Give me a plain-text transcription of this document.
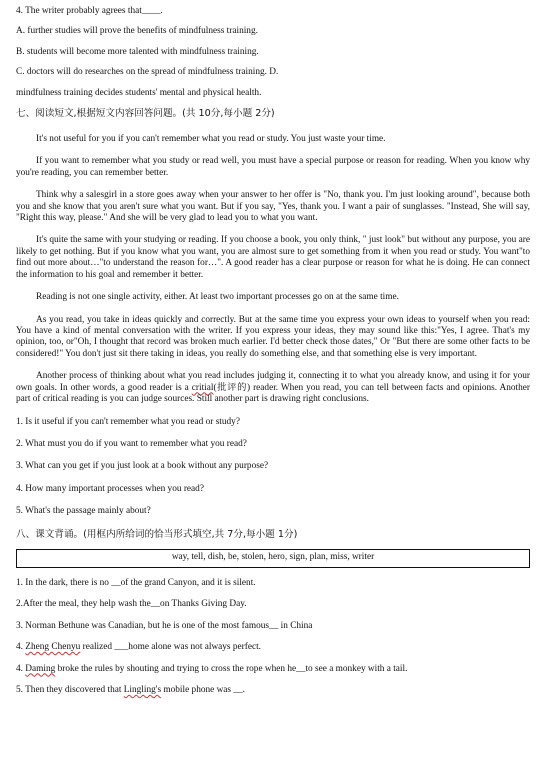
4. The writer probably agrees that____.

A. further studies will prove the benefits of mindfulness training.

B. students will become more talented with mindfulness training.

C. doctors will do researches on the spread of mindfulness training. D.

mindfulness training decides students' mental and physical health.

七、阅读短文,根据短文内容回答问题。(共 10分,每小题 2分)

It's not useful for you if you can't remember what you read or study. You just waste your time.

If you want to remember what you study or read well, you must have a special purpose or reason for reading. When you know why you're reading, you can remember better.

Think why a salesgirl in a store goes away when your answer to her offer is "No, thank you. I'm just looking around", because both you and she know that you aren't sure what you want. But if you say, "Yes, thank you. I want a pair of sunglasses. "Instead, She will say, "Right this way, please." And she will be very glad to lead you to what you want.

It's quite the same with your studying or reading. If you choose a book, you only think, " just look" but without any purpose, you are likely to get nothing. But if you know what you want, you are almost sure to get something from it when you read or study. You want"to find out more about…"to understand the reason for…". A good reader has a clear purpose or reason for what he is doing. He can connect the information to his goal and remember it better.

Reading is not one single activity, either. At least two important processes go on at the same time.

As you read, you take in ideas quickly and correctly. But at the same time you express your own ideas to yourself when you read: You have a kind of mental conversation with the writer. If you express your ideas, they may sound like this:"Yes, I agree. That's my opinion, too, or"Oh, I thought that record was broken much earlier. I'd better check those dates," Or "But there are some other facts to be considered!" You don't just sit there taking in ideas, you really do something else, and that something else is very important.

Another process of thinking about what you read includes judging it, connecting it to what you already know, and using it for your own goals. In other words, a good reader is a critial(批评的) reader. When you read, you can tell between facts and opinions. Another part of critical reading is you can judge sources. Still another part is drawing right conclusions.

1. Is it useful if you can't remember what you read or study?

2. What must you do if you want to remember what you read?

3. What can you get if you just look at a book without any purpose?

4. How many important processes when you read?

5. What's the passage mainly about?

八、课文背诵。(用框内所给词的恰当形式填空,共 7分,每小题 1分)

way, tell, dish, be, stolen, hero, sign, plan, miss, writer

1. In the dark, there is no __of the grand Canyon, and it is silent.

2.After the meal, they help wash the__on Thanks Giving Day.

3. Norman Bethune was Canadian, but he is one of the most famous__ in China

4. Zheng Chenyu realized ___home alone was not always perfect.

4. Daming broke the rules by shouting and trying to cross the rope when he__to see a monkey with a tail.

5. Then they discovered that Lingling's mobile phone was __.
